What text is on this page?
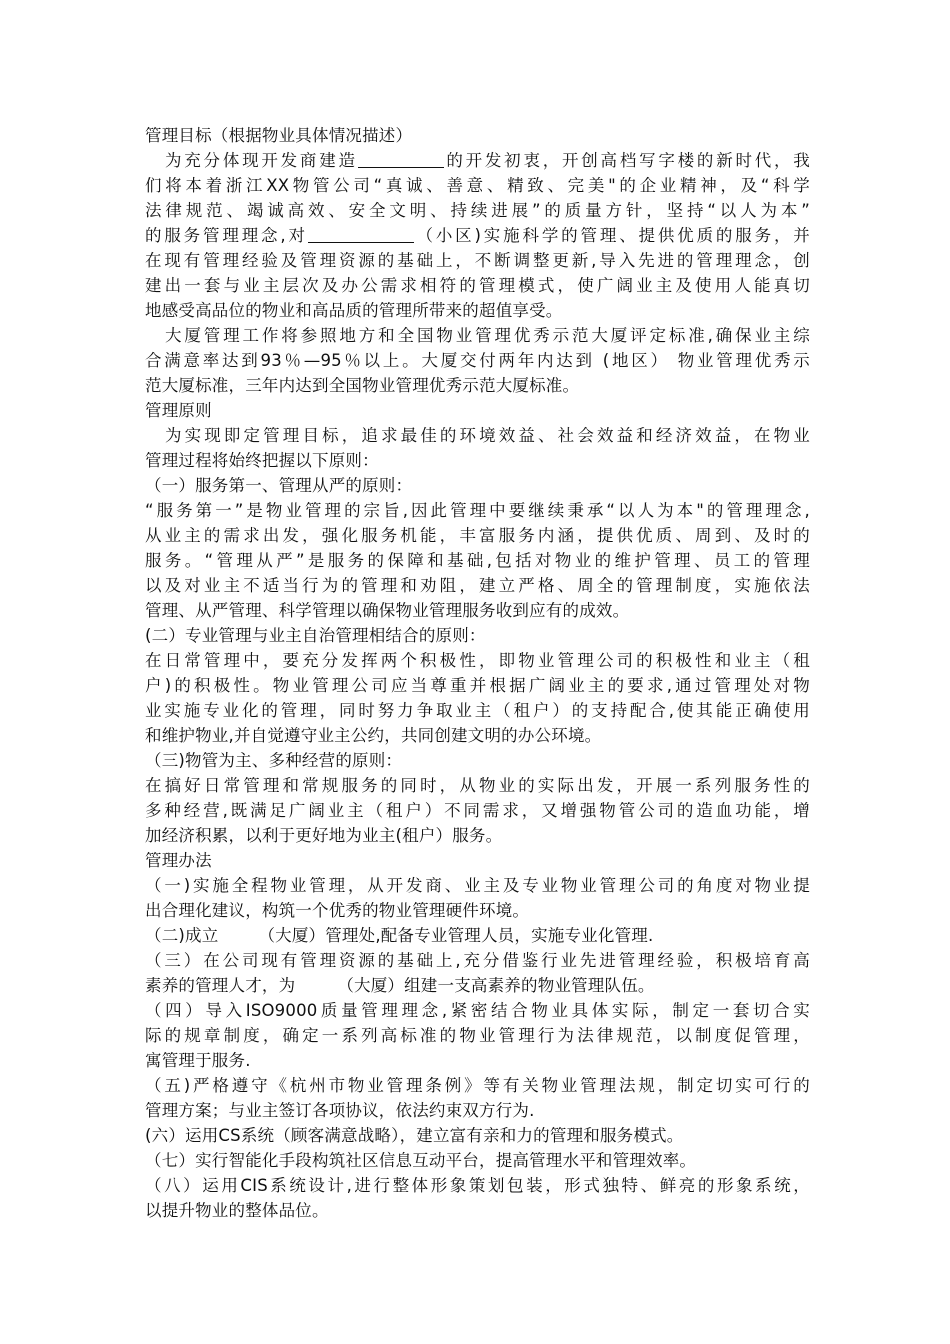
管理目标（根据物业具体情况描述）
为充分体现开发商建造	的开发初衷，开创高档写字楼的新时代，我
们将本着浙江XX物管公司“真诚、善意、精致、完美"的企业精神，及“科学
法律规范、竭诚高效、安全文明、持续进展”的质量方针，坚持“以人为本”
的服务管理理念,对	（小区)实施科学的管理、提供优质的服务，并
在现有管理经验及管理资源的基础上，不断调整更新,导入先进的管理理念，创
建出一套与业主层次及办公需求相符的管理模式，使广阔业主及使用人能真切
地感受高品位的物业和高品质的管理所带来的超值享受。
大厦管理工作将参照地方和全国物业管理优秀示范大厦评定标准,确保业主综
合满意率达到93％—95％以上。大厦交付两年内达到 (地区） 物业管理优秀示
范大厦标准，三年内达到全国物业管理优秀示范大厦标准。
管理原则
为实现即定管理目标，追求最佳的环境效益、社会效益和经济效益，在物业
管理过程将始终把握以下原则：
（一）服务第一、管理从严的原则：
“服务第一”是物业管理的宗旨,因此管理中要继续秉承“以人为本"的管理理念,
从业主的需求出发，强化服务机能，丰富服务内涵，提供优质、周到、及时的
服务。“管理从严”是服务的保障和基础,包括对物业的维护管理、员工的管理
以及对业主不适当行为的管理和劝阻，建立严格、周全的管理制度，实施依法
管理、从严管理、科学管理以确保物业管理服务收到应有的成效。
(二）专业管理与业主自治管理相结合的原则：
在日常管理中，要充分发挥两个积极性，即物业管理公司的积极性和业主（租
户)的积极性。物业管理公司应当尊重并根据广阔业主的要求,通过管理处对物
业实施专业化的管理，同时努力争取业主（租户）的支持配合,使其能正确使用
和维护物业,并自觉遵守业主公约，共同创建文明的办公环境。
（三)物管为主、多种经营的原则：
在搞好日常管理和常规服务的同时，从物业的实际出发，开展一系列服务性的
多种经营,既满足广阔业主（租户）不同需求，又增强物管公司的造血功能，增
加经济积累，以利于更好地为业主(租户）服务。
管理办法
（一)实施全程物业管理，从开发商、业主及专业物业管理公司的角度对物业提
出合理化建议，构筑一个优秀的物业管理硬件环境。
（二)成立 （大厦）管理处,配备专业管理人员，实施专业化管理.
（三）在公司现有管理资源的基础上,充分借鉴行业先进管理经验，积极培育高
素养的管理人才，为	（大厦）组建一支高素养的物业管理队伍。
（四）导入ISO9000质量管理理念,紧密结合物业具体实际，制定一套切合实
际的规章制度，确定一系列高标准的物业管理行为法律规范，以制度促管理，
寓管理于服务.
（五)严格遵守《杭州市物业管理条例》等有关物业管理法规，制定切实可行的
管理方案；与业主签订各项协议，依法约束双方行为.
(六）运用CS系统（顾客满意战略），建立富有亲和力的管理和服务模式。
（七）实行智能化手段构筑社区信息互动平台，提高管理水平和管理效率。
（八）运用CIS系统设计,进行整体形象策划包装，形式独特、鲜亮的形象系统，
以提升物业的整体品位。
